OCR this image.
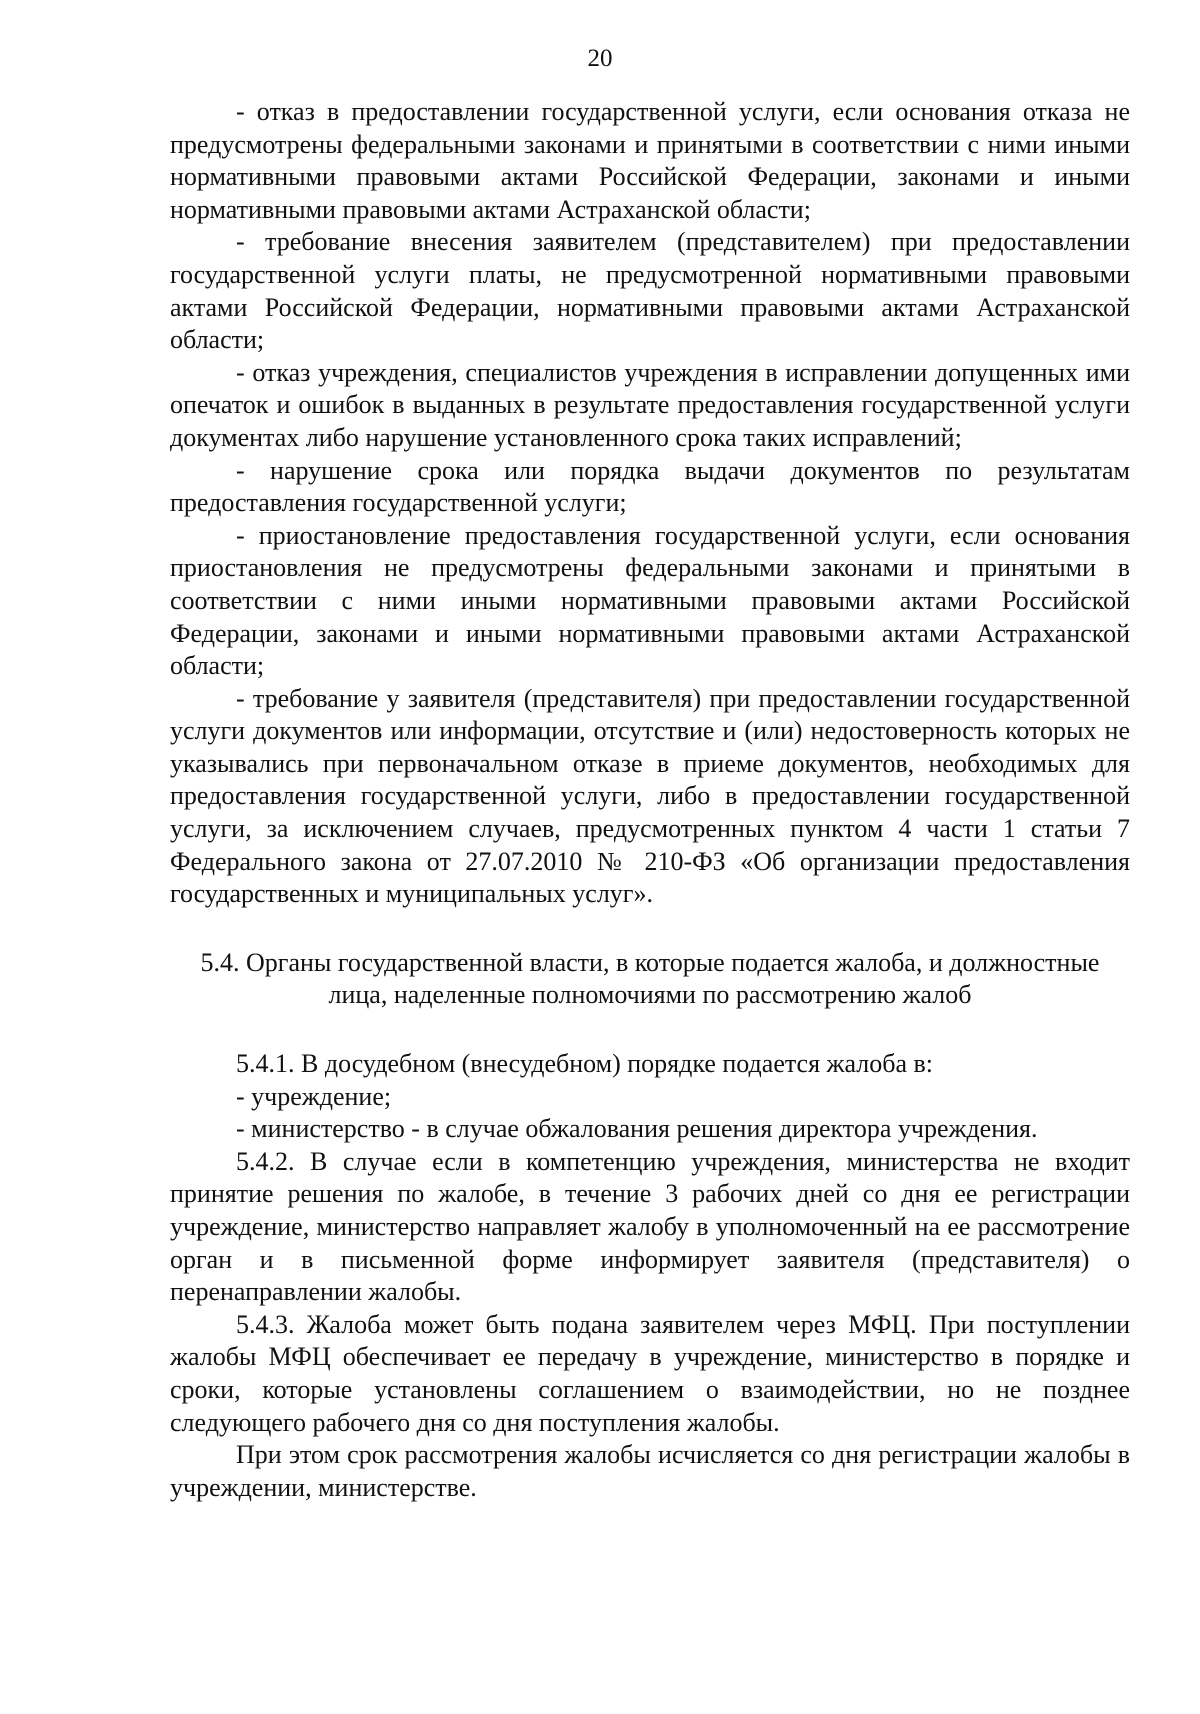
20

- отказ в предоставлении государственной услуги, если основания отказа не предусмотрены федеральными законами и принятыми в соответствии с ними иными нормативными правовыми актами Российской Федерации, законами и иными нормативными правовыми актами Астраханской области;

- требование внесения заявителем (представителем) при предоставлении государственной услуги платы, не предусмотренной нормативными правовыми актами Российской Федерации, нормативными правовыми актами Астраханской области;

- отказ учреждения, специалистов учреждения в исправлении допущенных ими опечаток и ошибок в выданных в результате предоставления государственной услуги документах либо нарушение установленного срока таких исправлений;

- нарушение срока или порядка выдачи документов по результатам предоставления государственной услуги;

- приостановление предоставления государственной услуги, если основания приостановления не предусмотрены федеральными законами и принятыми в соответствии с ними иными нормативными правовыми актами Российской Федерации, законами и иными нормативными правовыми актами Астраханской области;

- требование у заявителя (представителя) при предоставлении государственной услуги документов или информации, отсутствие и (или) недостоверность которых не указывались при первоначальном отказе в приеме документов, необходимых для предоставления государственной услуги, либо в предоставлении государственной услуги, за исключением случаев, предусмотренных пунктом 4 части 1 статьи 7 Федерального закона от 27.07.2010 № 210-ФЗ «Об организации предоставления государственных и муниципальных услуг».

5.4. Органы государственной власти, в которые подается жалоба, и должностные лица, наделенные полномочиями по рассмотрению жалоб

5.4.1. В досудебном (внесудебном) порядке подается жалоба в:

- учреждение;

- министерство - в случае обжалования решения директора учреждения.

5.4.2. В случае если в компетенцию учреждения, министерства не входит принятие решения по жалобе, в течение 3 рабочих дней со дня ее регистрации учреждение, министерство направляет жалобу в уполномоченный на ее рассмотрение орган и в письменной форме информирует заявителя (представителя) о перенаправлении жалобы.

5.4.3. Жалоба может быть подана заявителем через МФЦ. При поступлении жалобы МФЦ обеспечивает ее передачу в учреждение, министерство в порядке и сроки, которые установлены соглашением о взаимодействии, но не позднее следующего рабочего дня со дня поступления жалобы.

При этом срок рассмотрения жалобы исчисляется со дня регистрации жалобы в учреждении, министерстве.
